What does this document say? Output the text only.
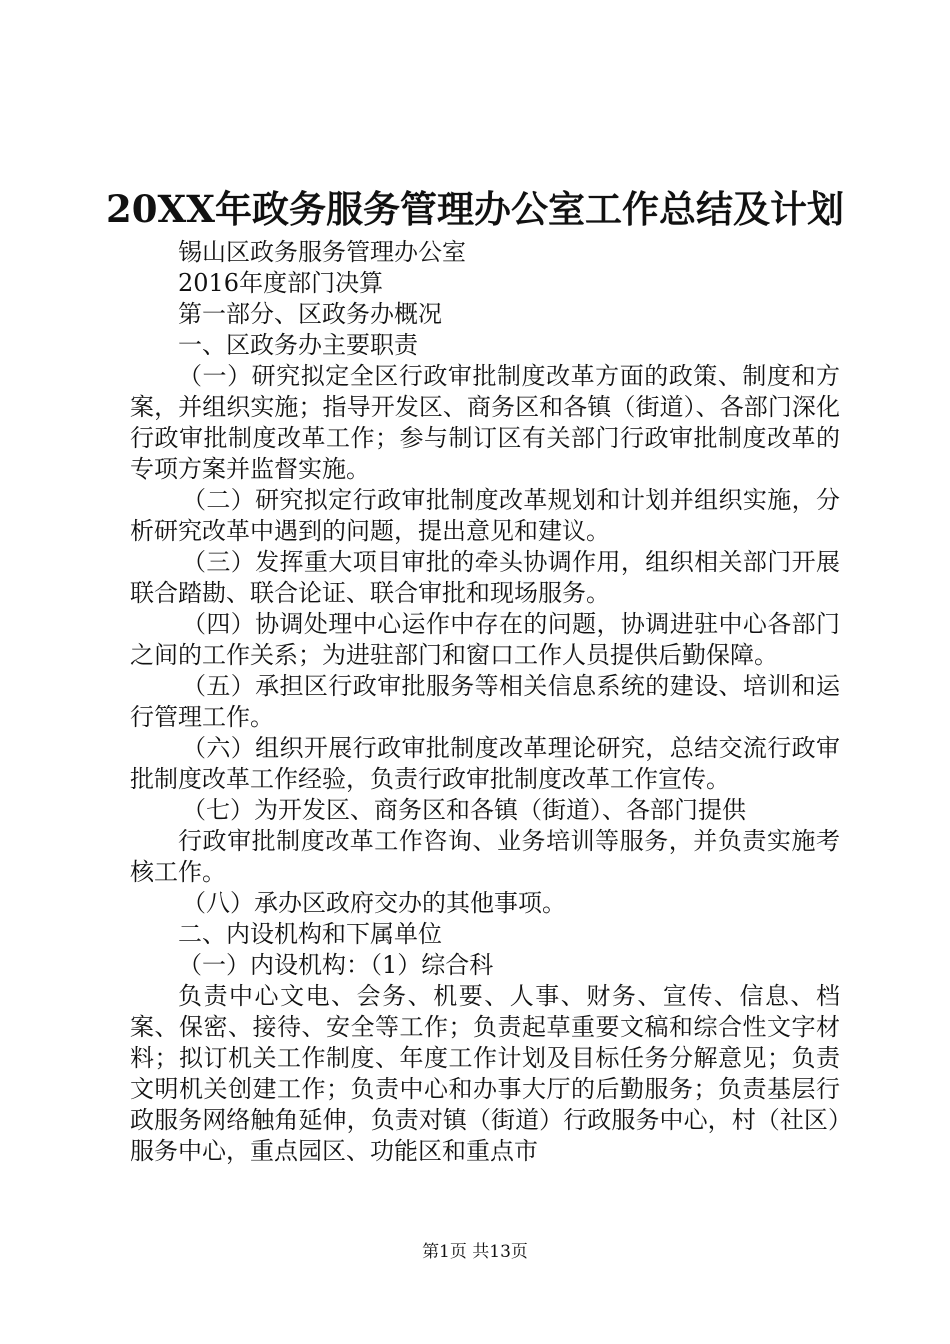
20XX年政务服务管理办公室工作总结及计划

锡山区政务服务管理办公室

2016年度部门决算

第一部分、区政务办概况

一、区政务办主要职责

（一）研究拟定全区行政审批制度改革方面的政策、制度和方案，并组织实施；指导开发区、商务区和各镇（街道）、各部门深化行政审批制度改革工作；参与制订区有关部门行政审批制度改革的专项方案并监督实施。

（二）研究拟定行政审批制度改革规划和计划并组织实施，分析研究改革中遇到的问题，提出意见和建议。

（三）发挥重大项目审批的牵头协调作用，组织相关部门开展联合踏勘、联合论证、联合审批和现场服务。

（四）协调处理中心运作中存在的问题，协调进驻中心各部门之间的工作关系；为进驻部门和窗口工作人员提供后勤保障。

（五）承担区行政审批服务等相关信息系统的建设、培训和运行管理工作。

（六）组织开展行政审批制度改革理论研究，总结交流行政审批制度改革工作经验，负责行政审批制度改革工作宣传。

（七）为开发区、商务区和各镇（街道）、各部门提供

行政审批制度改革工作咨询、业务培训等服务，并负责实施考核工作。

（八）承办区政府交办的其他事项。

二、内设机构和下属单位

（一）内设机构：（1）综合科

负责中心文电、会务、机要、人事、财务、宣传、信息、档案、保密、接待、安全等工作；负责起草重要文稿和综合性文字材料；拟订机关工作制度、年度工作计划及目标任务分解意见；负责文明机关创建工作；负责中心和办事大厅的后勤服务；负责基层行政服务网络触角延伸，负责对镇（街道）行政服务中心，村（社区）服务中心，重点园区、功能区和重点市

第1页 共13页
